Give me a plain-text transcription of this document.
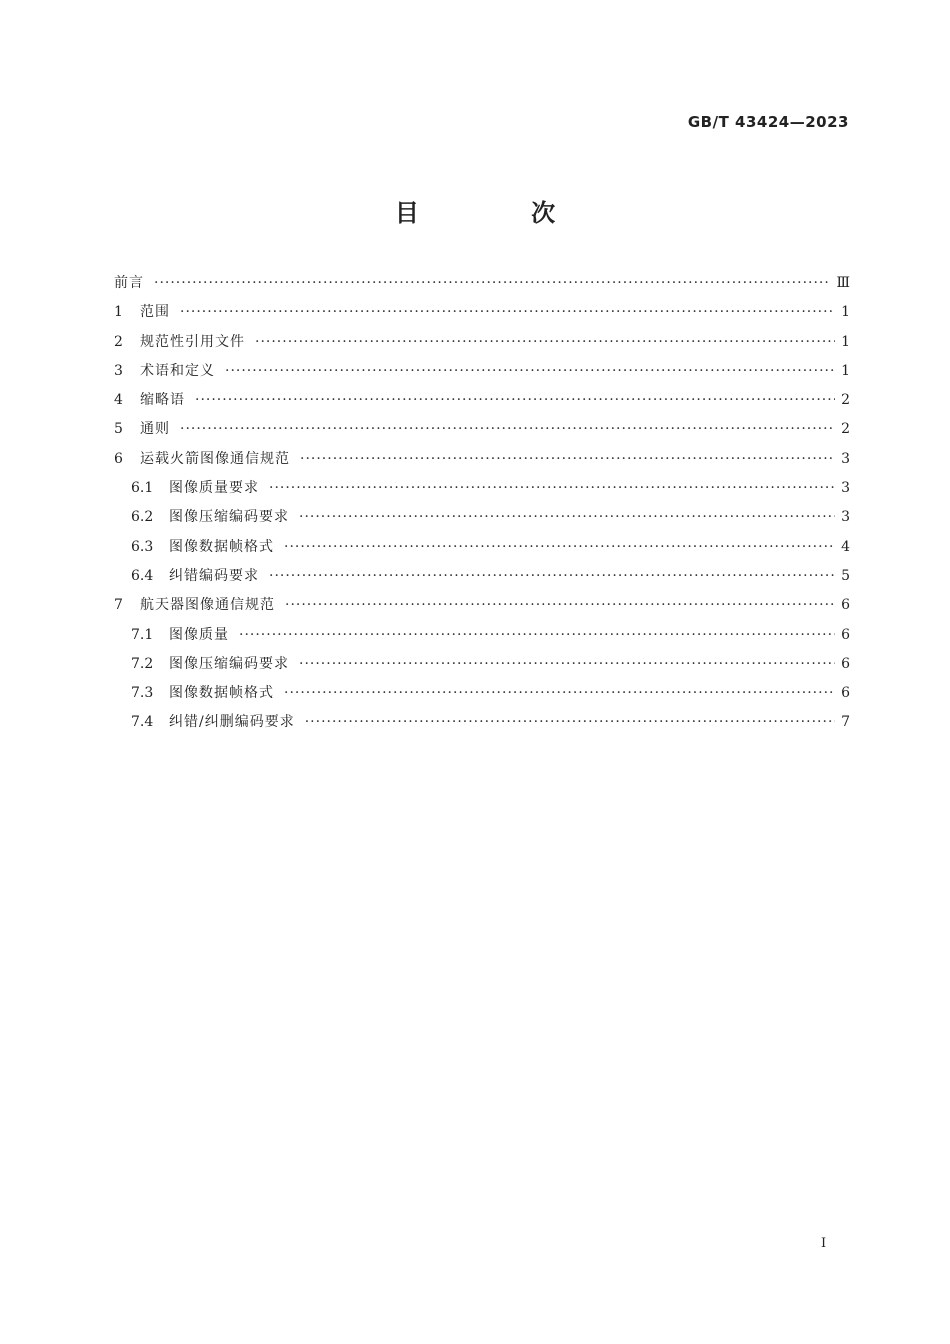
GB/T 43424—2023
目 次
前言 ·····	Ⅲ
1	范围 ·····	1
2	规范性引用文件 ·····	1
3	术语和定义 ·····	1
4	缩略语 ·····	2
5	通则 ·····	2
6	运载火箭图像通信规范 ·····	3
6.1	图像质量要求 ·····	3
6.2	图像压缩编码要求 ·····	3
6.3	图像数据帧格式 ·····	4
6.4	纠错编码要求 ·····	5
7	航天器图像通信规范 ·····	6
7.1	图像质量 ·····	6
7.2	图像压缩编码要求 ·····	6
7.3	图像数据帧格式 ·····	6
7.4	纠错/纠删编码要求 ·····	7
I
